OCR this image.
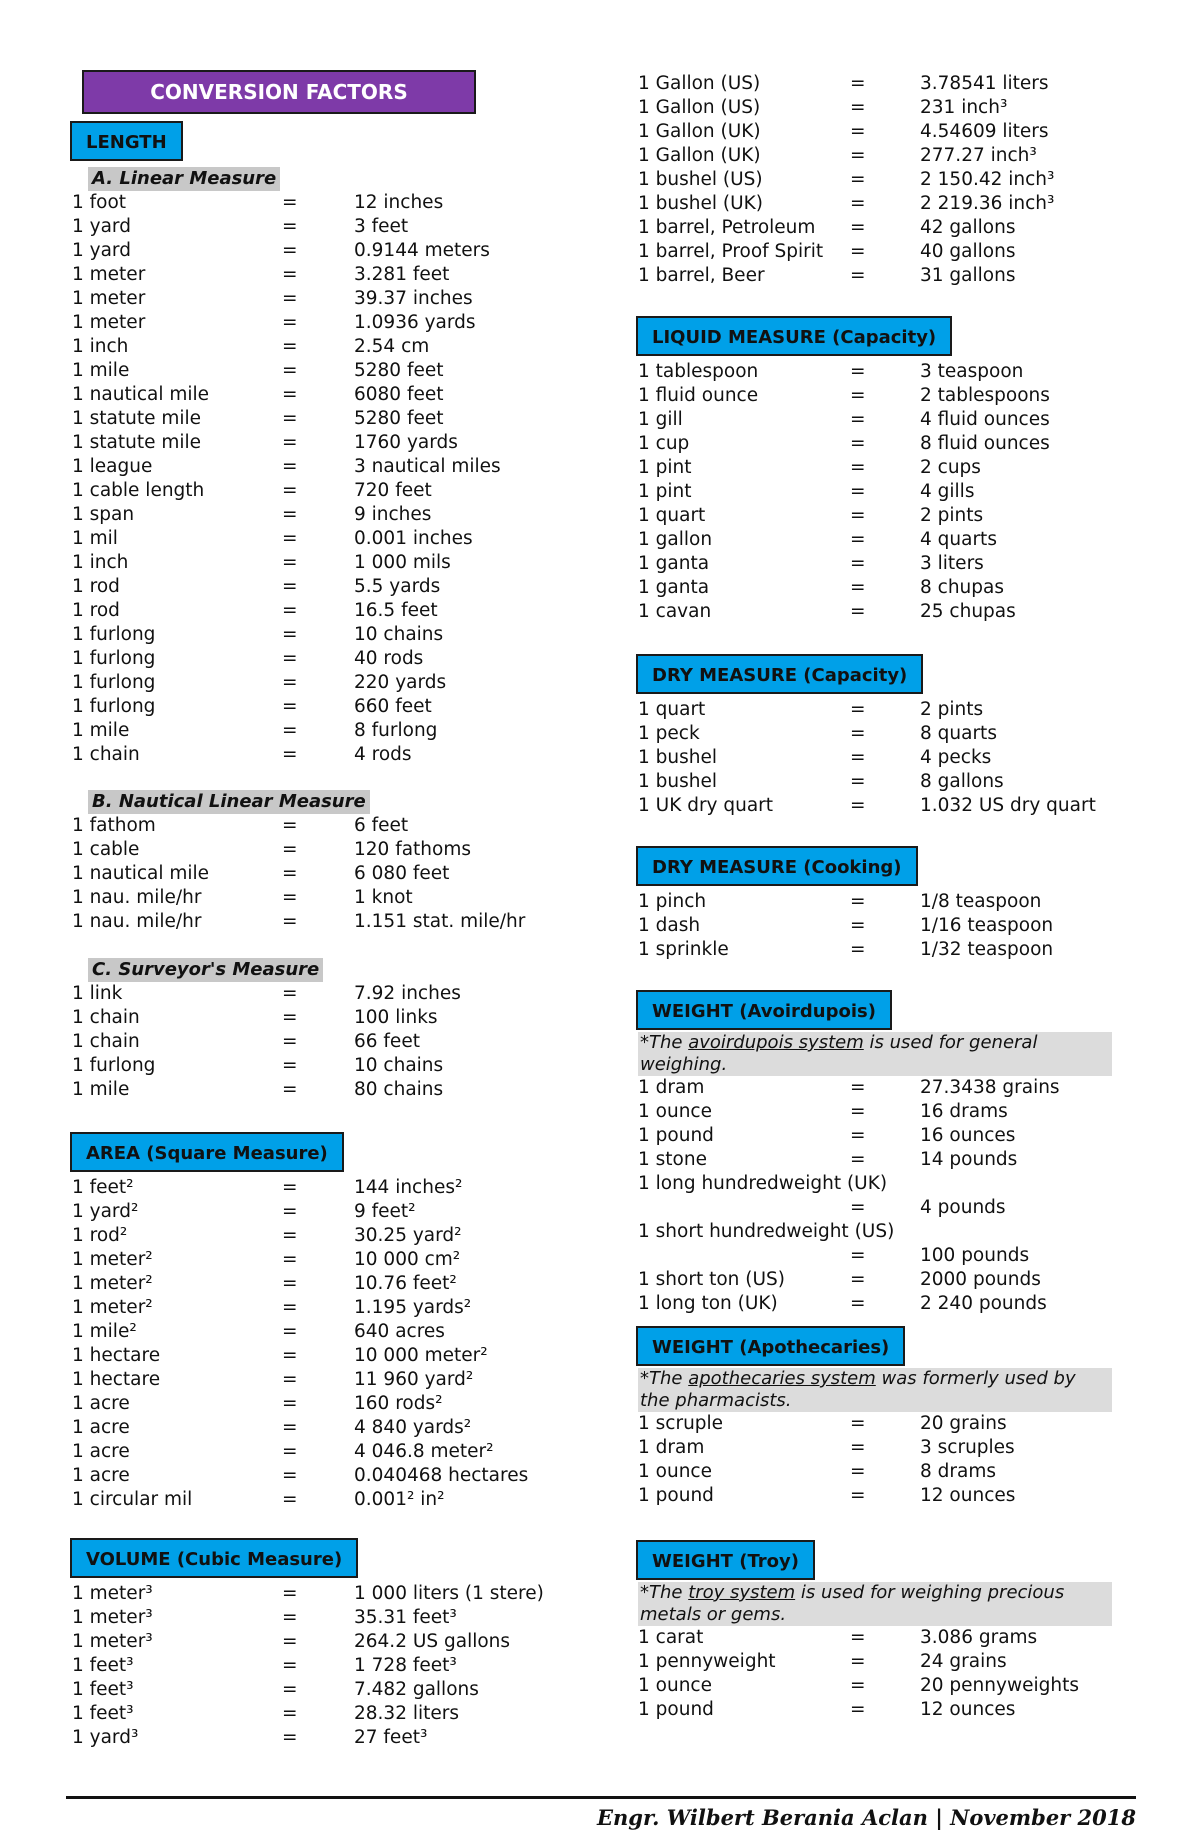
CONVERSION FACTORS
LENGTH
A. Linear Measure
1 foot	=	12 inches
1 yard	=	3 feet
1 yard	=	0.9144 meters
1 meter	=	3.281 feet
1 meter	=	39.37 inches
1 meter	=	1.0936 yards
1 inch	=	2.54 cm
1 mile	=	5280 feet
1 nautical mile	=	6080 feet
1 statute mile	=	5280 feet
1 statute mile	=	1760 yards
1 league	=	3 nautical miles
1 cable length	=	720 feet
1 span	=	9 inches
1 mil	=	0.001 inches
1 inch	=	1 000 mils
1 rod	=	5.5 yards
1 rod	=	16.5 feet
1 furlong	=	10 chains
1 furlong	=	40 rods
1 furlong	=	220 yards
1 furlong	=	660 feet
1 mile	=	8 furlong
1 chain	=	4 rods
B. Nautical Linear Measure
1 fathom	=	6 feet
1 cable	=	120 fathoms
1 nautical mile	=	6 080 feet
1 nau. mile/hr	=	1 knot
1 nau. mile/hr	=	1.151 stat. mile/hr
C. Surveyor's Measure
1 link	=	7.92 inches
1 chain	=	100 links
1 chain	=	66 feet
1 furlong	=	10 chains
1 mile	=	80 chains
AREA (Square Measure)
1 feet²	=	144 inches²
1 yard²	=	9 feet²
1 rod²	=	30.25 yard²
1 meter²	=	10 000 cm²
1 meter²	=	10.76 feet²
1 meter²	=	1.195 yards²
1 mile²	=	640 acres
1 hectare	=	10 000 meter²
1 hectare	=	11 960 yard²
1 acre	=	160 rods²
1 acre	=	4 840 yards²
1 acre	=	4 046.8 meter²
1 acre	=	0.040468 hectares
1 circular mil	=	0.001² in²
VOLUME (Cubic Measure)
1 meter³	=	1 000 liters (1 stere)
1 meter³	=	35.31 feet³
1 meter³	=	264.2 US gallons
1 feet³	=	1 728 feet³
1 feet³	=	7.482 gallons
1 feet³	=	28.32 liters
1 yard³	=	27 feet³
1 Gallon (US)	=	3.78541 liters
1 Gallon (US)	=	231 inch³
1 Gallon (UK)	=	4.54609 liters
1 Gallon (UK)	=	277.27 inch³
1 bushel (US)	=	2 150.42 inch³
1 bushel (UK)	=	2 219.36 inch³
1 barrel, Petroleum =	42 gallons
1 barrel, Proof Spirit =	40 gallons
1 barrel, Beer	=	31 gallons
LIQUID MEASURE (Capacity)
1 tablespoon	=	3 teaspoon
1 fluid ounce	=	2 tablespoons
1 gill	=	4 fluid ounces
1 cup	=	8 fluid ounces
1 pint	=	2 cups
1 pint	=	4 gills
1 quart	=	2 pints
1 gallon	=	4 quarts
1 ganta	=	3 liters
1 ganta	=	8 chupas
1 cavan	=	25 chupas
DRY MEASURE (Capacity)
1 quart	=	2 pints
1 peck	=	8 quarts
1 bushel	=	4 pecks
1 bushel	=	8 gallons
1 UK dry quart	=	1.032 US dry quart
DRY MEASURE (Cooking)
1 pinch	=	1/8 teaspoon
1 dash	=	1/16 teaspoon
1 sprinkle	=	1/32 teaspoon
WEIGHT (Avoirdupois)
*The avoirdupois system is used for general weighing.
1 dram	=	27.3438 grains
1 ounce	=	16 drams
1 pound	=	16 ounces
1 stone	=	14 pounds
1 long hundredweight (UK)
=	4 pounds
1 short hundredweight (US)
=	100 pounds
1 short ton (US)	=	2000 pounds
1 long ton (UK)	=	2 240 pounds
WEIGHT (Apothecaries)
*The apothecaries system was formerly used by the pharmacists.
1 scruple	=	20 grains
1 dram	=	3 scruples
1 ounce	=	8 drams
1 pound	=	12 ounces
WEIGHT (Troy)
*The troy system is used for weighing precious metals or gems.
1 carat	=	3.086 grams
1 pennyweight	=	24 grains
1 ounce	=	20 pennyweights
1 pound	=	12 ounces
Engr. Wilbert Berania Aclan | November 2018
